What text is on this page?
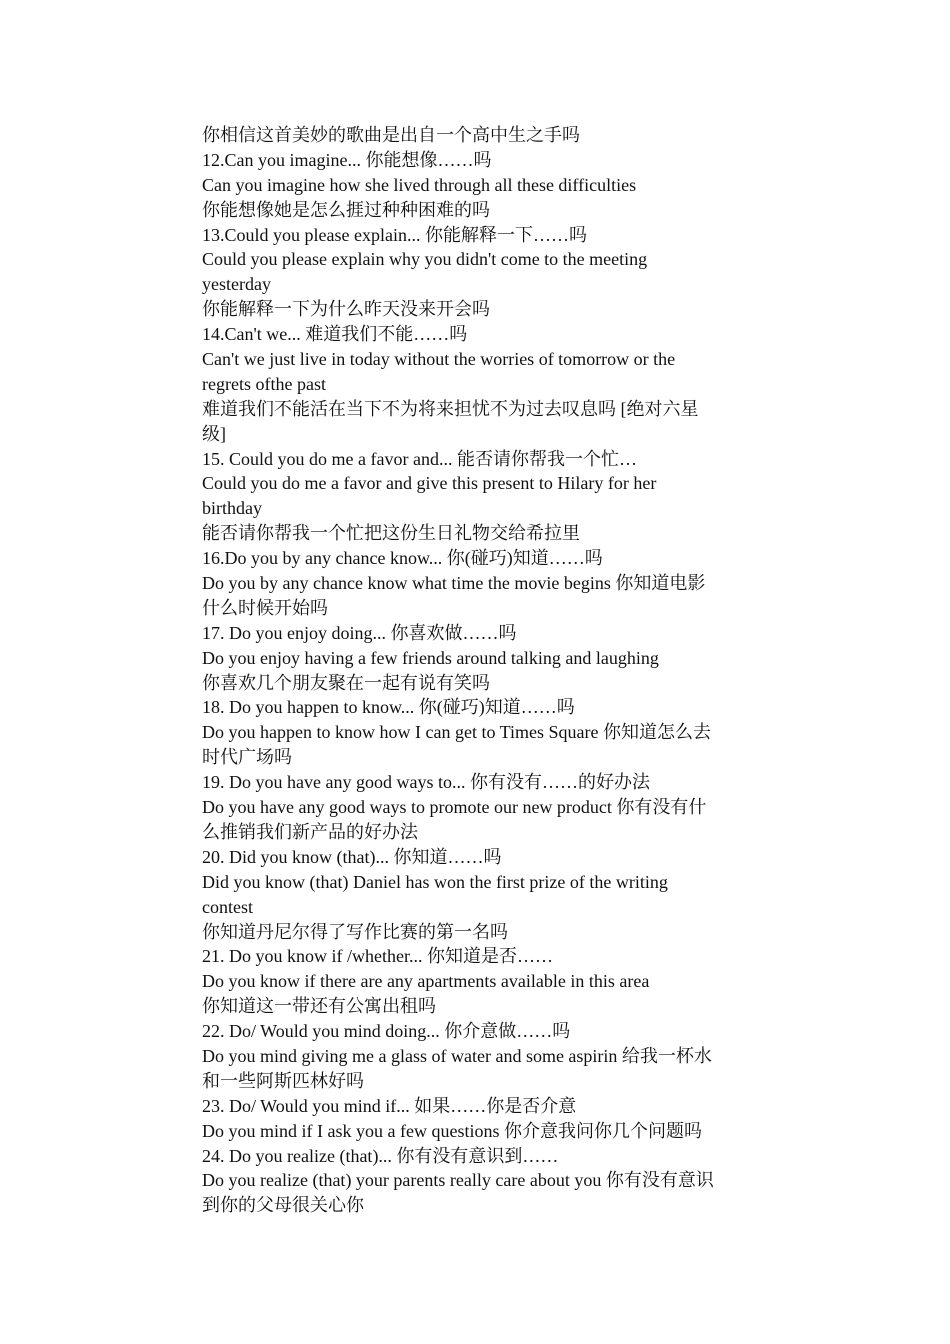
你相信这首美妙的歌曲是出自一个高中生之手吗
12.Can you imagine... 你能想像……吗
Can you imagine how she lived through all these difficulties
你能想像她是怎么捱过种种困难的吗
13.Could you please explain... 你能解释一下……吗
Could you please explain why you didn't come to the meeting
yesterday
你能解释一下为什么昨天没来开会吗
14.Can't we... 难道我们不能……吗
Can't we just live in today without the worries of tomorrow or the
regrets ofthe past
难道我们不能活在当下不为将来担忧不为过去叹息吗 [绝对六星
级]
15. Could you do me a favor and... 能否请你帮我一个忙…
Could you do me a favor and give this present to Hilary for her
birthday
能否请你帮我一个忙把这份生日礼物交给希拉里
16.Do you by any chance know... 你(碰巧)知道……吗
Do you by any chance know what time the movie begins 你知道电影
什么时候开始吗
17. Do you enjoy doing... 你喜欢做……吗
Do you enjoy having a few friends around talking and laughing
你喜欢几个朋友聚在一起有说有笑吗
18. Do you happen to know... 你(碰巧)知道……吗
Do you happen to know how I can get to Times Square 你知道怎么去
时代广场吗
19. Do you have any good ways to... 你有没有……的好办法
Do you have any good ways to promote our new product 你有没有什
么推销我们新产品的好办法
20. Did you know (that)... 你知道……吗
Did you know (that) Daniel has won the first prize of the writing
contest
你知道丹尼尔得了写作比赛的第一名吗
21. Do you know if /whether... 你知道是否……
Do you know if there are any apartments available in this area
你知道这一带还有公寓出租吗
22. Do/ Would you mind doing... 你介意做……吗
Do you mind giving me a glass of water and some aspirin 给我一杯水
和一些阿斯匹林好吗
23. Do/ Would you mind if... 如果……你是否介意
Do you mind if I ask you a few questions 你介意我问你几个问题吗
24. Do you realize (that)... 你有没有意识到……
Do you realize (that) your parents really care about you 你有没有意识
到你的父母很关心你
